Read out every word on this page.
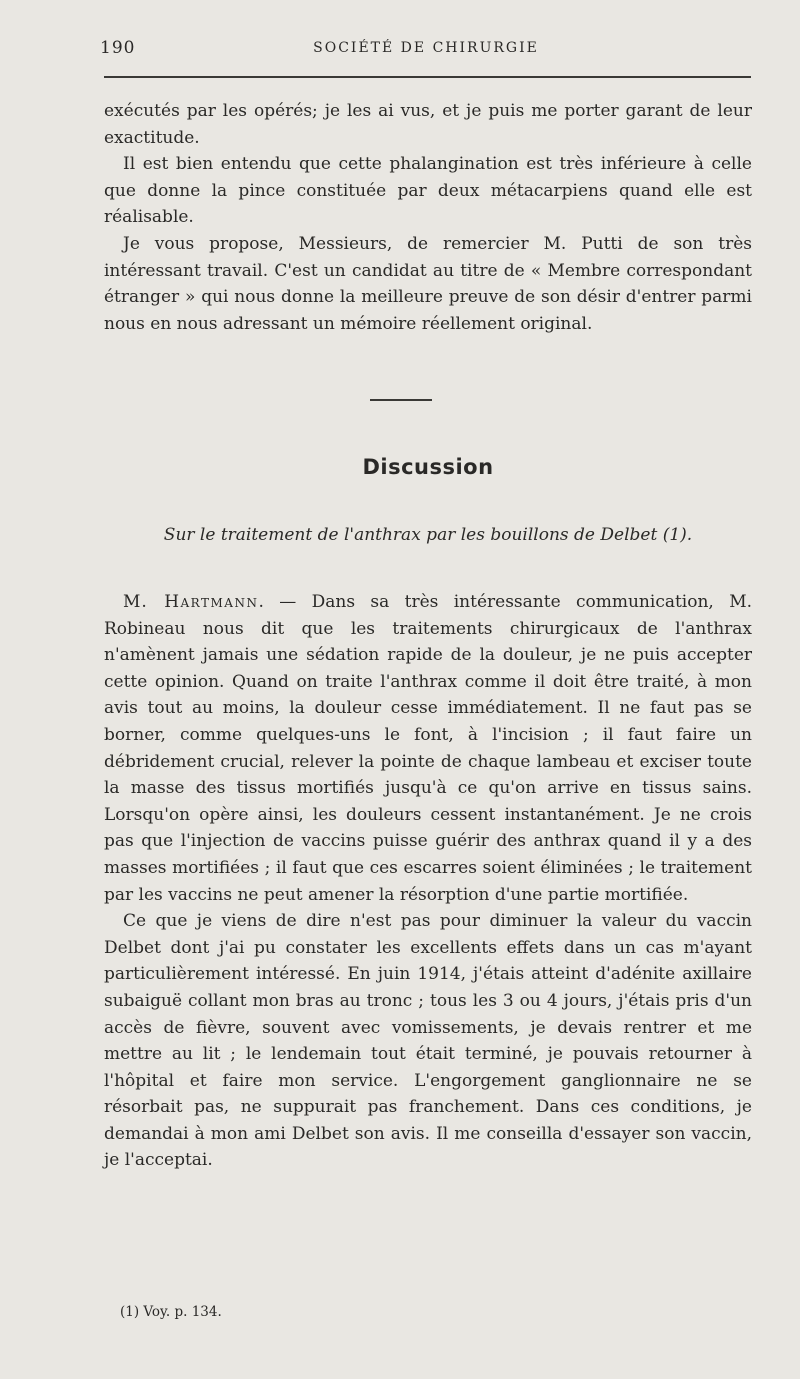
190	SOCIÉTÉ DE CHIRURGIE

exécutés par les opérés; je les ai vus, et je puis me porter garant de leur exactitude.

Il est bien entendu que cette phalangination est très inférieure à celle que donne la pince constituée par deux métacarpiens quand elle est réalisable.

Je vous propose, Messieurs, de remercier M. Putti de son très intéressant travail. C'est un candidat au titre de « Membre correspondant étranger » qui nous donne la meilleure preuve de son désir d'entrer parmi nous en nous adressant un mémoire réellement original.

Discussion
Sur le traitement de l'anthrax par les bouillons de Delbet (1).

M. Hartmann. — Dans sa très intéressante communication, M. Robineau nous dit que les traitements chirurgicaux de l'anthrax n'amènent jamais une sédation rapide de la douleur, je ne puis accepter cette opinion. Quand on traite l'anthrax comme il doit être traité, à mon avis tout au moins, la douleur cesse immédiatement. Il ne faut pas se borner, comme quelques-uns le font, à l'incision ; il faut faire un débridement crucial, relever la pointe de chaque lambeau et exciser toute la masse des tissus mortifiés jusqu'à ce qu'on arrive en tissus sains. Lorsqu'on opère ainsi, les douleurs cessent instantanément. Je ne crois pas que l'injection de vaccins puisse guérir des anthrax quand il y a des masses mortifiées ; il faut que ces escarres soient éliminées ; le traitement par les vaccins ne peut amener la résorption d'une partie mortifiée.

Ce que je viens de dire n'est pas pour diminuer la valeur du vaccin Delbet dont j'ai pu constater les excellents effets dans un cas m'ayant particulièrement intéressé. En juin 1914, j'étais atteint d'adénite axillaire subaiguë collant mon bras au tronc ; tous les 3 ou 4 jours, j'étais pris d'un accès de fièvre, souvent avec vomissements, je devais rentrer et me mettre au lit ; le lendemain tout était terminé, je pouvais retourner à l'hôpital et faire mon service. L'engorgement ganglionnaire ne se résorbait pas, ne suppurait pas franchement. Dans ces conditions, je demandai à mon ami Delbet son avis. Il me conseilla d'essayer son vaccin, je l'acceptai.

(1) Voy. p. 134.
